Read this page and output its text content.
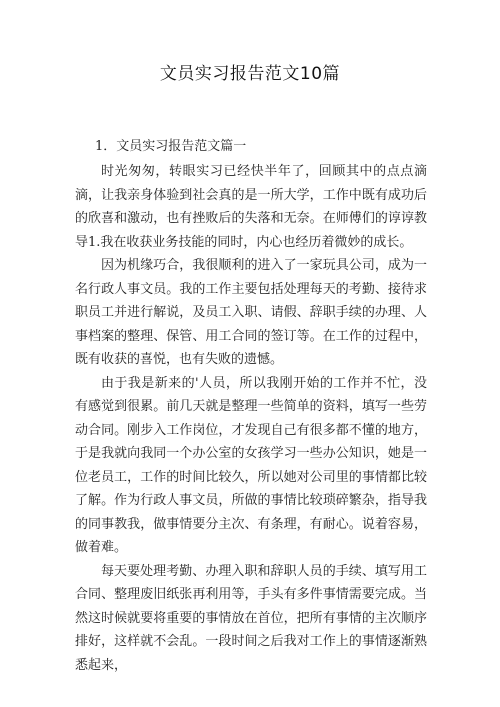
文员实习报告范文10篇
1．文员实习报告范文篇一

时光匆匆，转眼实习已经快半年了，回顾其中的点点滴滴，让我亲身体验到社会真的是一所大学，工作中既有成功后的欣喜和激动，也有挫败后的失落和无奈。在师傅们的谆谆教导1.我在收获业务技能的同时，内心也经历着微妙的成长。

因为机缘巧合，我很顺利的进入了一家玩具公司，成为一名行政人事文员。我的工作主要包括处理每天的考勤、接待求职员工并进行解说，及员工入职、请假、辞职手续的办理、人事档案的整理、保管、用工合同的签订等。在工作的过程中，既有收获的喜悦，也有失败的遗憾。

由于我是新来的'人员，所以我刚开始的工作并不忙，没有感觉到很累。前几天就是整理一些简单的资料，填写一些劳动合同。刚步入工作岗位，才发现自己有很多都不懂的地方，于是我就向我同一个办公室的女孩学习一些办公知识，她是一位老员工，工作的时间比较久，所以她对公司里的事情都比较了解。作为行政人事文员，所做的事情比较琐碎繁杂，指导我的同事教我，做事情要分主次、有条理，有耐心。说着容易，做着难。

每天要处理考勤、办理入职和辞职人员的手续、填写用工合同、整理废旧纸张再利用等，手头有多件事情需要完成。当然这时候就要将重要的事情放在首位，把所有事情的主次顺序排好，这样就不会乱。一段时间之后我对工作上的事情逐渐熟悉起来，
